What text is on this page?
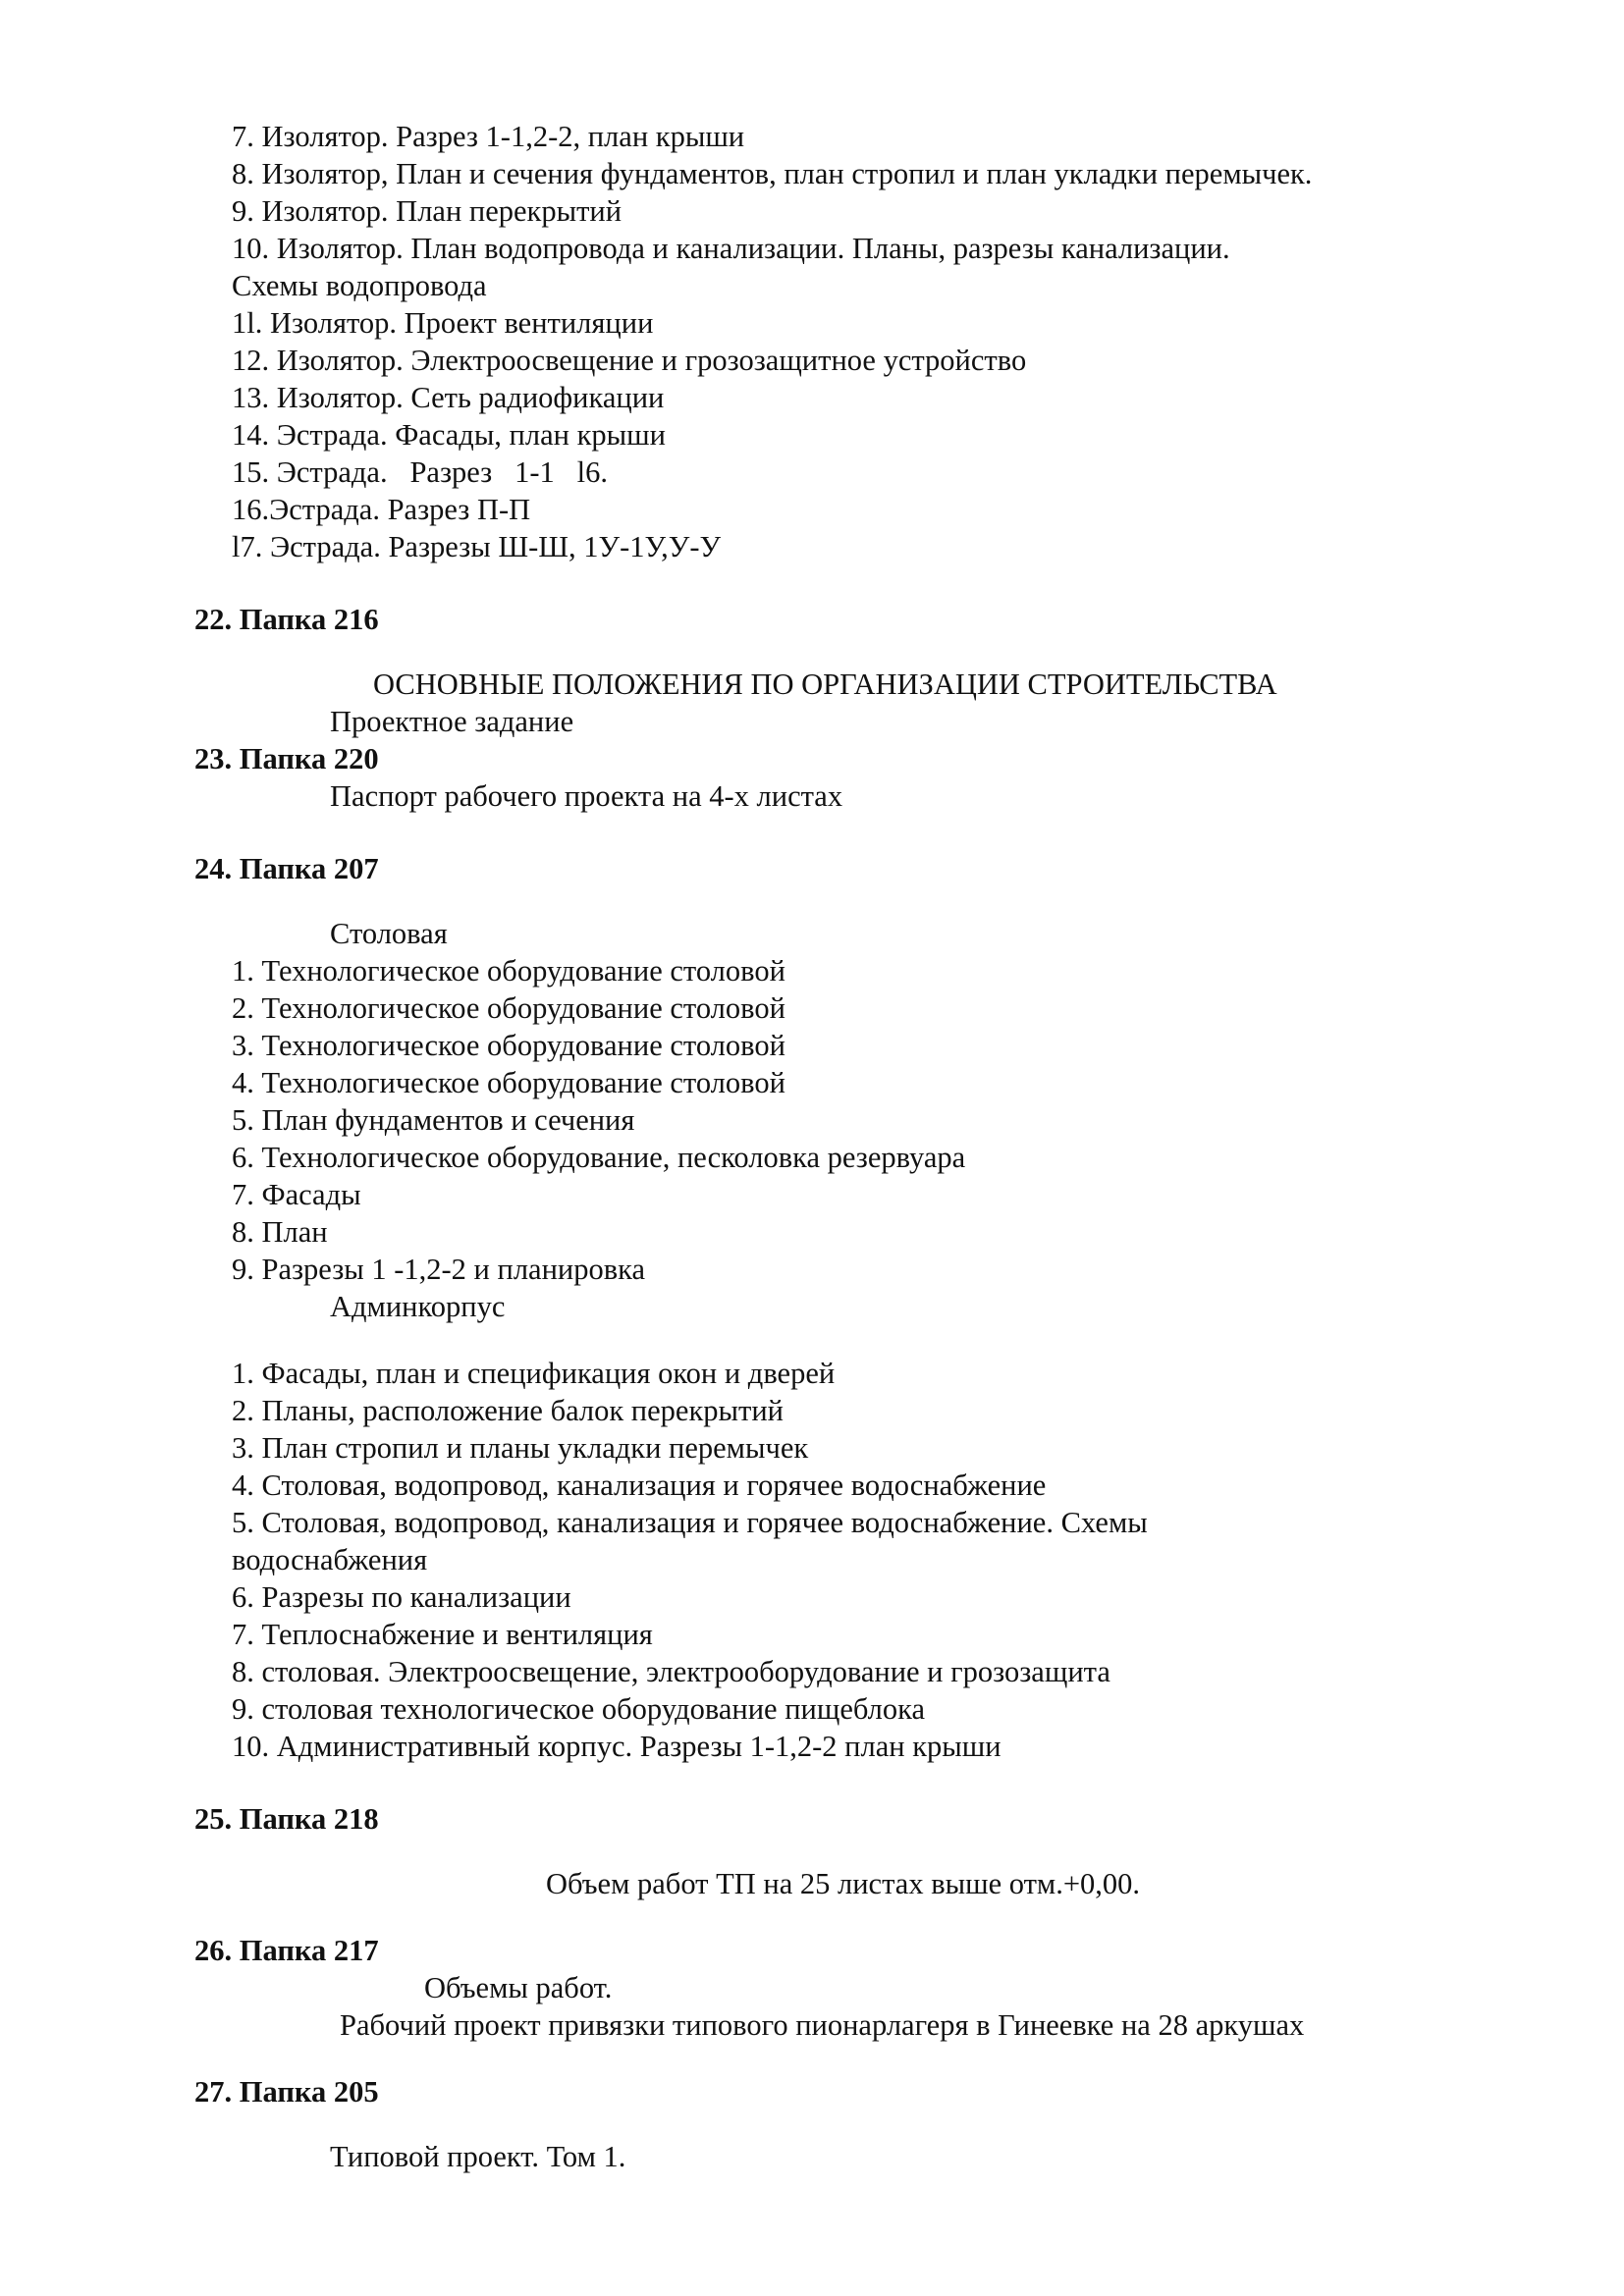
7. Изолятор. Разрез 1-1,2-2, план крыши
8. Изолятор, План и сечения фундаментов, план стропил и план укладки перемычек.
9. Изолятор. План перекрытий
10. Изолятор. План водопровода и канализации. Планы, разрезы канализации.
Схемы водопровода
1l. Изолятор. Проект вентиляции
12. Изолятор. Электроосвещение и грозозащитное устройство
13. Изолятор. Сеть радиофикации
14. Эстрада. Фасады, план крыши
15. Эстрада.   Разрез   1-1   l6.
16.Эстрада. Разрез П-П
l7. Эстрада. Разрезы Ш-Ш, 1У-1У,У-У
22. Папка 216
ОСНОВНЫЕ ПОЛОЖЕНИЯ ПО ОРГАНИЗАЦИИ СТРОИТЕЛЬСТВА
Проектное задание
23. Папка 220
Паспорт рабочего проекта на 4-х листах
24. Папка 207
Столовая
1. Технологическое оборудование столовой
2. Технологическое оборудование столовой
3. Технологическое оборудование столовой
4. Технологическое оборудование столовой
5. План фундаментов и сечения
6. Технологическое оборудование, песколовка резервуара
7. Фасады
8. План
9. Разрезы 1 -1,2-2 и планировка
Админкорпус
1. Фасады, план и спецификация окон и дверей
2. Планы, расположение балок перекрытий
3. План стропил и планы укладки перемычек
4. Столовая, водопровод, канализация и горячее водоснабжение
5. Столовая, водопровод, канализация и горячее водоснабжение. Схемы
водоснабжения
6. Разрезы по канализации
7. Теплоснабжение и вентиляция
8. столовая. Электроосвещение, электрооборудование и грозозащита
9. столовая технологическое оборудование пищеблока
10. Административный корпус. Разрезы 1-1,2-2 план крыши
25. Папка 218
Объем работ ТП на 25 листах выше отм.+0,00.
26. Папка 217
Объемы работ.
Рабочий проект привязки типового пионарлагеря в Гинеевке на 28 аркушах
27. Папка 205
Типовой проект. Том 1.
